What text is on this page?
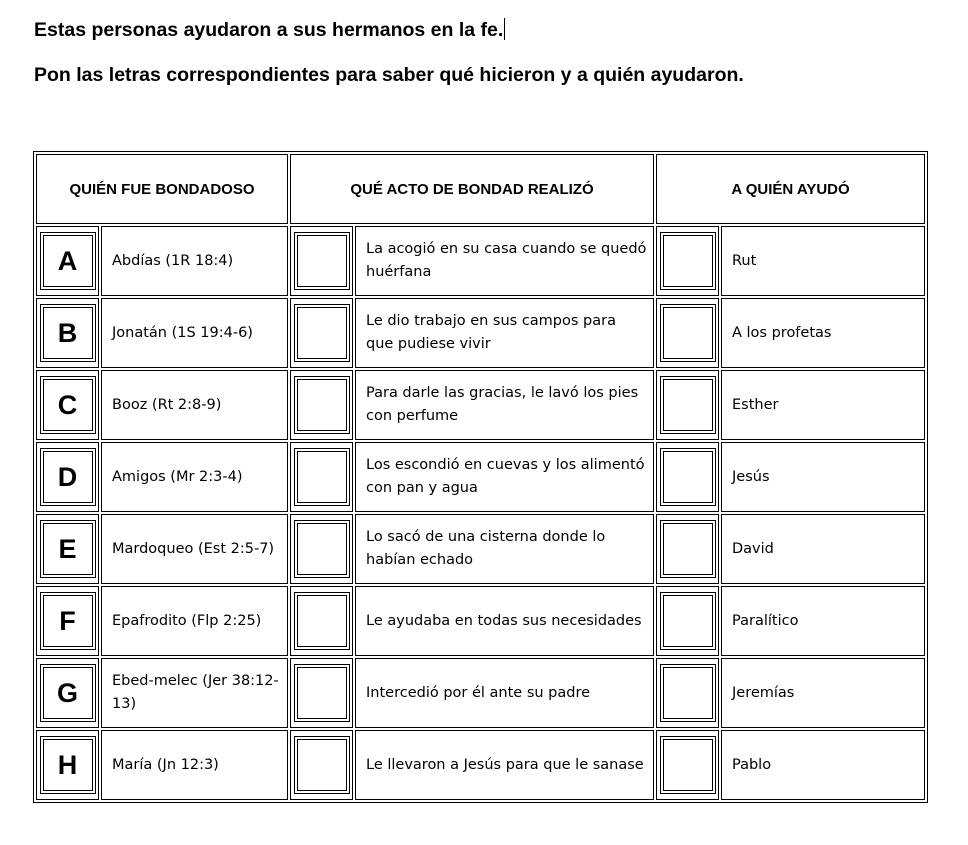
Estas personas ayudaron a sus hermanos en la fe.

Pon las letras correspondientes para saber qué hicieron y a quién ayudaron.

QUIÉN FUE BONDADOSO		QUÉ ACTO DE BONDAD REALIZÓ		A QUIÉN AYUDÓ	
A	Abdías (1R 18:4)		La acogió en su casa cuando se quedó huérfana		Rut
B	Jonatán (1S 19:4-6)		Le dio trabajo en sus campos para que pudiese vivir		A los profetas
C	Booz (Rt 2:8-9)		Para darle las gracias, le lavó los pies con perfume		Esther
D	Amigos (Mr 2:3-4)		Los escondió en cuevas y los alimentó con pan y agua		Jesús
E	Mardoqueo (Est 2:5-7)		Lo sacó de una cisterna donde lo habían echado		David
F	Epafrodito (Flp 2:25)		Le ayudaba en todas sus necesidades		Paralítico
G	Ebed-melec (Jer 38:12-13)		Intercedió por él ante su padre		Jeremías
H	María (Jn 12:3)		Le llevaron a Jesús para que le sanase		Pablo
